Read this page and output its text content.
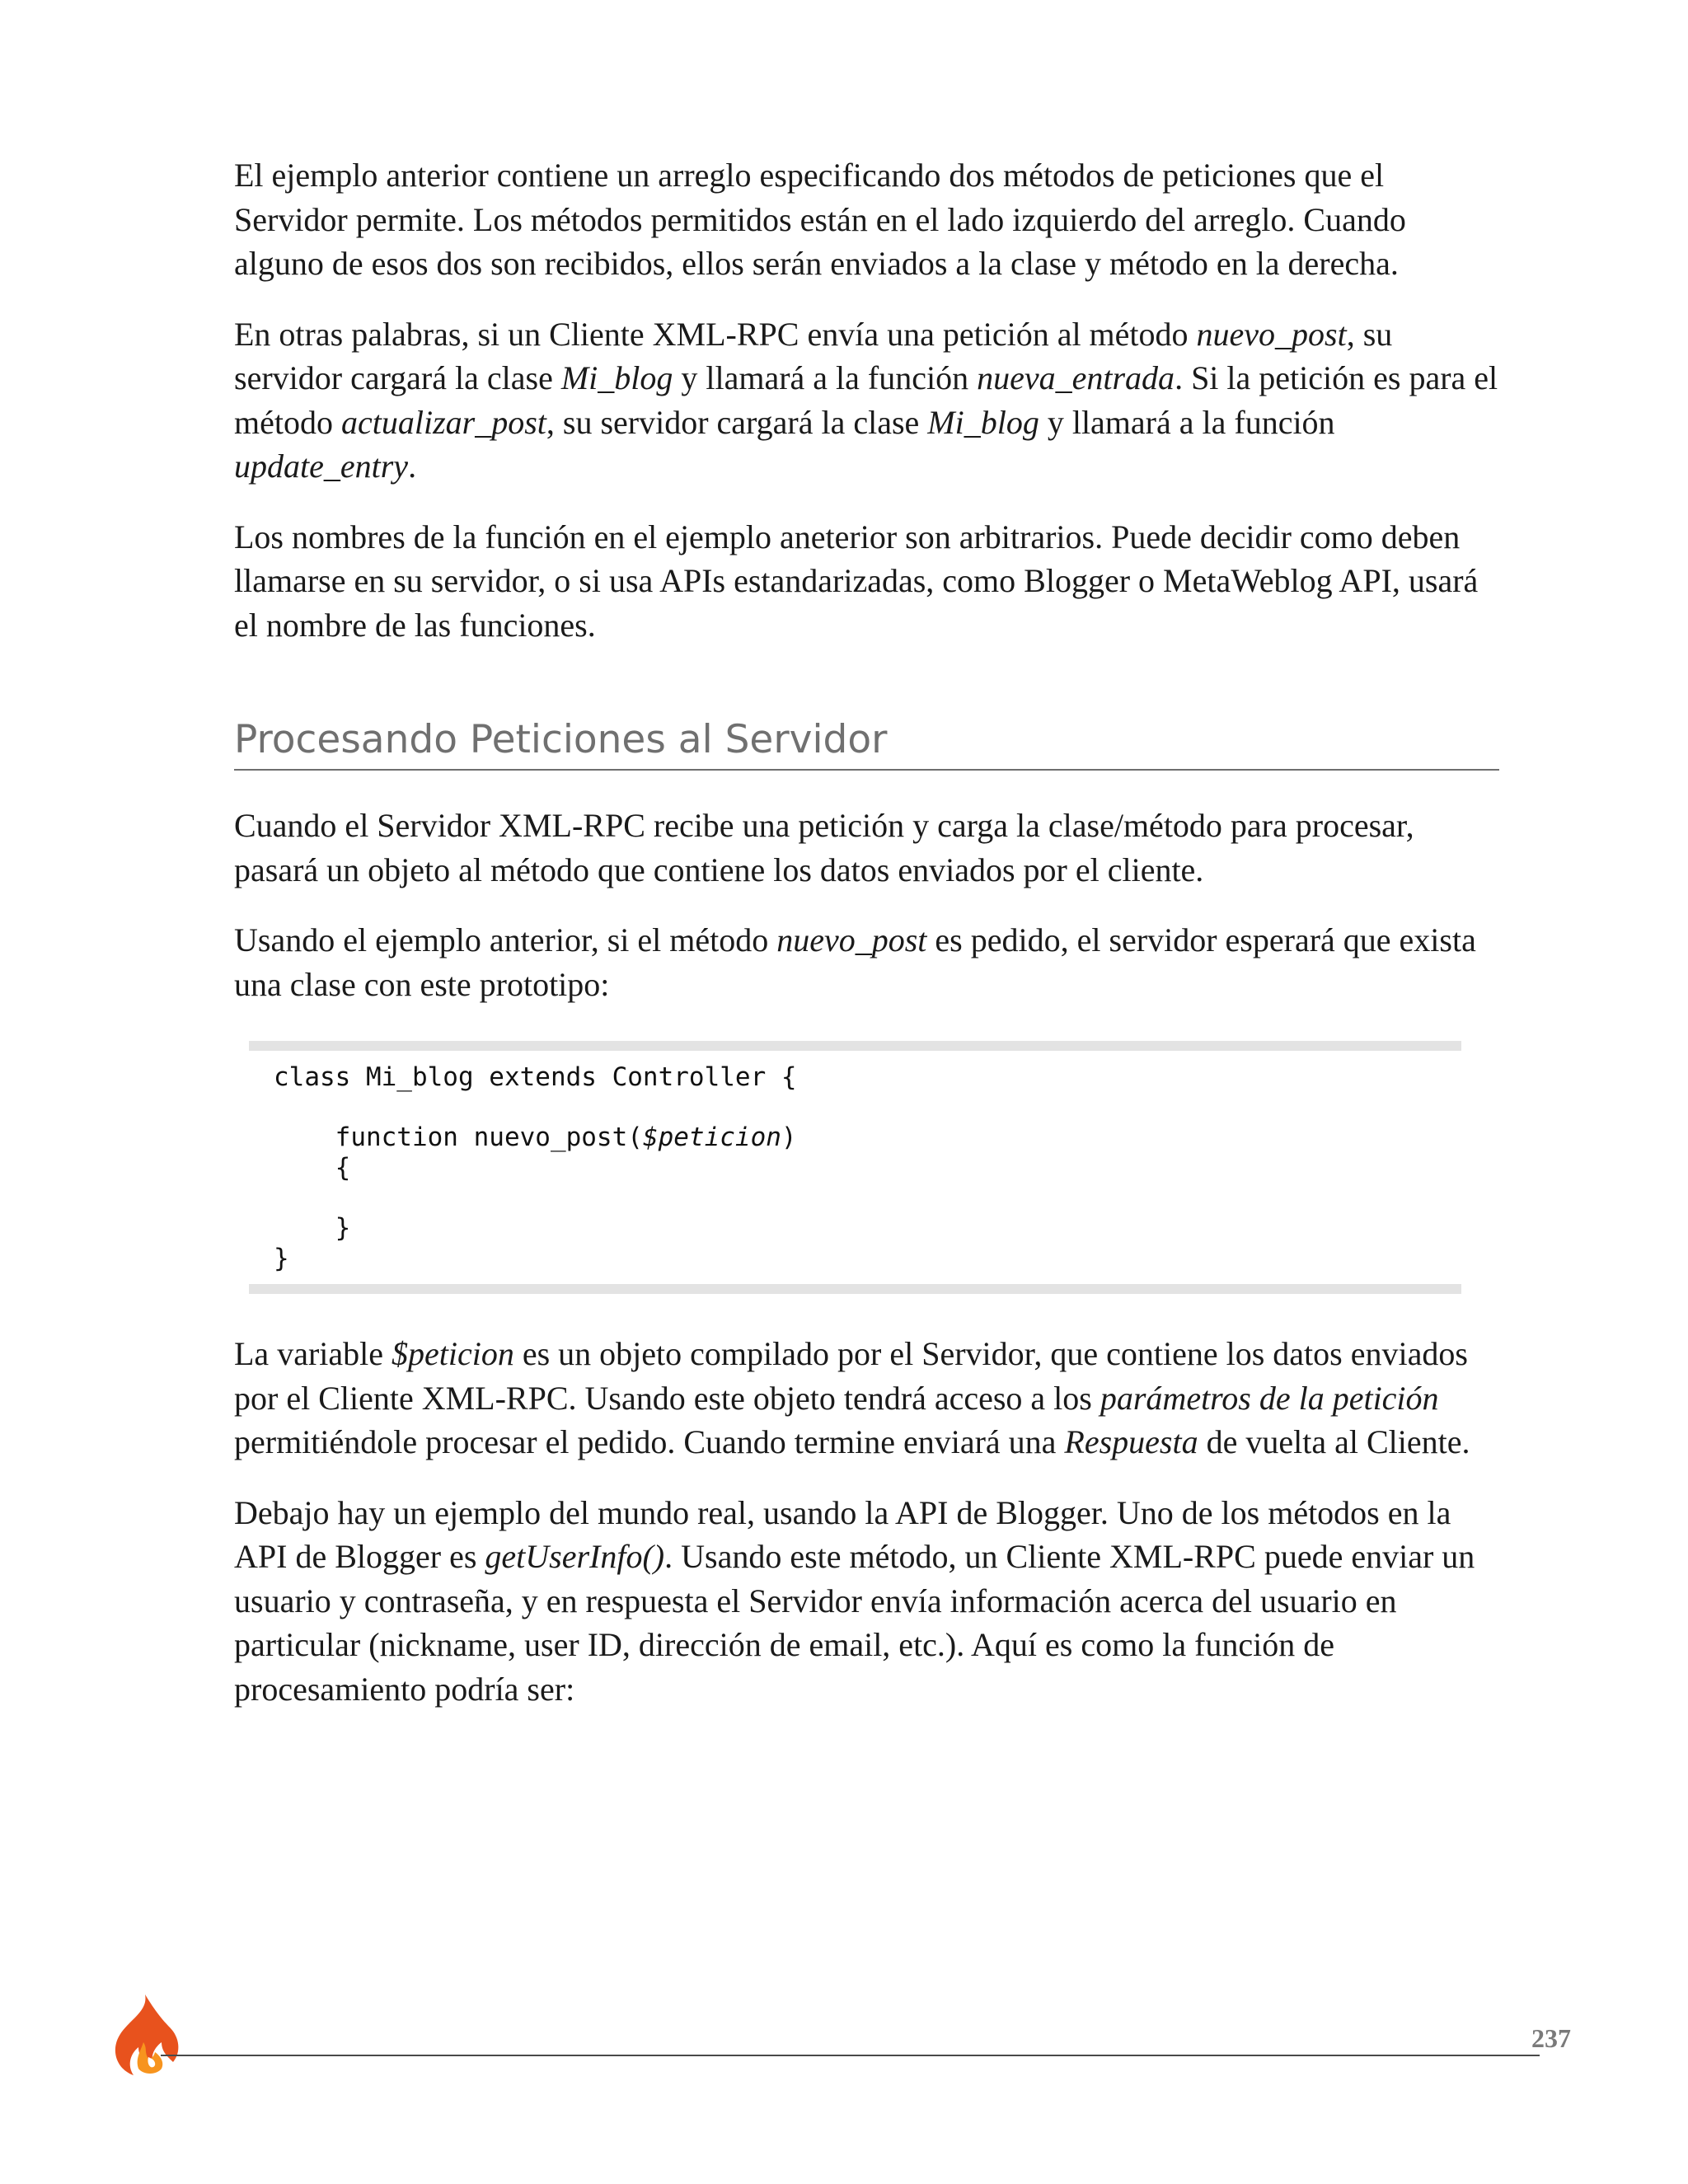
El ejemplo anterior contiene un arreglo especificando dos métodos de peticiones que el Servidor permite. Los métodos permitidos están en el lado izquierdo del arreglo. Cuando alguno de esos dos son recibidos, ellos serán enviados a la clase y método en la derecha.

En otras palabras, si un Cliente XML-RPC envía una petición al método nuevo_post, su servidor cargará la clase Mi_blog y llamará a la función nueva_entrada. Si la petición es para el método actualizar_post, su servidor cargará la clase Mi_blog y llamará a la función update_entry.

Los nombres de la función en el ejemplo aneterior son arbitrarios. Puede decidir como deben llamarse en su servidor, o si usa APIs estandarizadas, como Blogger o MetaWeblog API, usará el nombre de las funciones.

Procesando Peticiones al Servidor

Cuando el Servidor XML-RPC recibe una petición y carga la clase/método para procesar, pasará un objeto al método que contiene los datos enviados por el cliente.

Usando el ejemplo anterior, si el método nuevo_post es pedido, el servidor esperará que exista una clase con este prototipo:

class Mi_blog extends Controller {
function nuevo_post($peticion)
{
}
}

La variable $peticion es un objeto compilado por el Servidor, que contiene los datos enviados por el Cliente XML-RPC. Usando este objeto tendrá acceso a los parámetros de la petición permitiéndole procesar el pedido. Cuando termine enviará una Respuesta de vuelta al Cliente.

Debajo hay un ejemplo del mundo real, usando la API de Blogger. Uno de los métodos en la API de Blogger es getUserInfo(). Usando este método, un Cliente XML-RPC puede enviar un usuario y contraseña, y en respuesta el Servidor envía información acerca del usuario en particular (nickname, user ID, dirección de email, etc.). Aquí es como la función de procesamiento podría ser:

237
